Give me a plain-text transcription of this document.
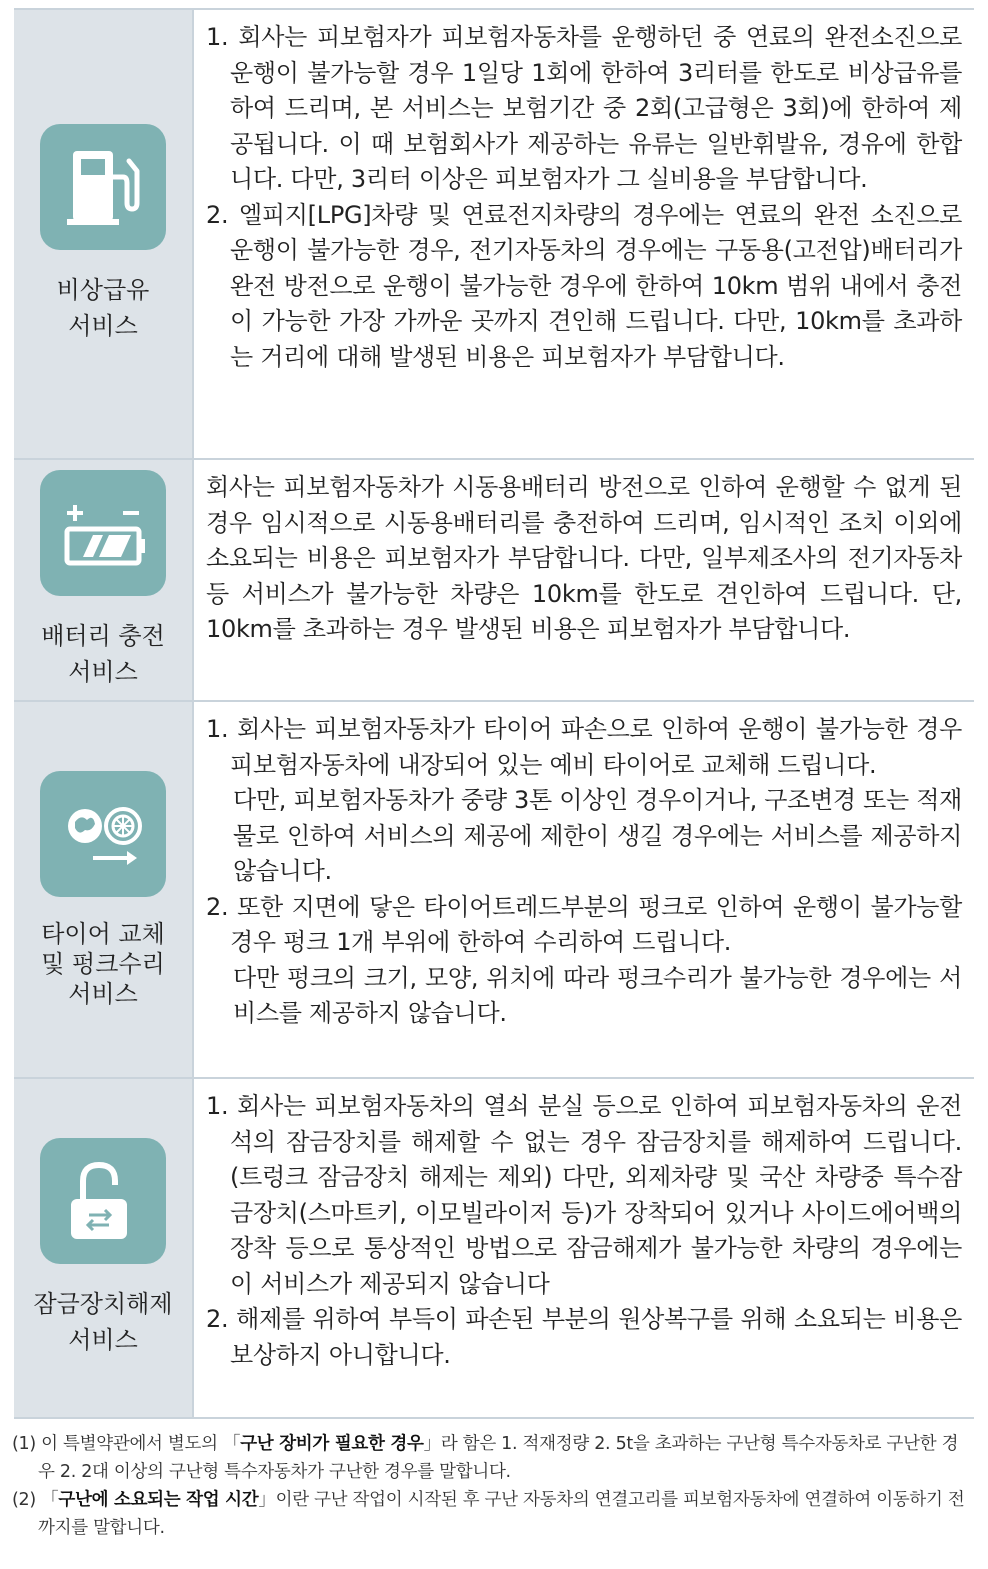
비상급유
서비스
1. 회사는 피보험자가 피보험자동차를 운행하던 중 연료의 완전소진으로 운행이 불가능할 경우 1일당 1회에 한하여 3리터를 한도로 비상급유를 하여 드리며, 본 서비스는 보험기간 중 2회(고급형은 3회)에 한하여 제공됩니다. 이 때 보험회사가 제공하는 유류는 일반휘발유, 경유에 한합니다. 다만, 3리터 이상은 피보험자가 그 실비용을 부담합니다.
2. 엘피지[LPG]차량 및 연료전지차량의 경우에는 연료의 완전 소진으로 운행이 불가능한 경우, 전기자동차의 경우에는 구동용(고전압)배터리가 완전 방전으로 운행이 불가능한 경우에 한하여 10km 범위 내에서 충전이 가능한 가장 가까운 곳까지 견인해 드립니다. 다만, 10km를 초과하는 거리에 대해 발생된 비용은 피보험자가 부담합니다.
배터리 충전
서비스
회사는 피보험자동차가 시동용배터리 방전으로 인하여 운행할 수 없게 된 경우 임시적으로 시동용배터리를 충전하여 드리며, 임시적인 조치 이외에 소요되는 비용은 피보험자가 부담합니다. 다만, 일부제조사의 전기자동차 등 서비스가 불가능한 차량은 10km를 한도로 견인하여 드립니다. 단, 10km를 초과하는 경우 발생된 비용은 피보험자가 부담합니다.
타이어 교체
및 펑크수리
서비스
1. 회사는 피보험자동차가 타이어 파손으로 인하여 운행이 불가능한 경우 피보험자동차에 내장되어 있는 예비 타이어로 교체해 드립니다.
다만, 피보험자동차가 중량 3톤 이상인 경우이거나, 구조변경 또는 적재물로 인하여 서비스의 제공에 제한이 생길 경우에는 서비스를 제공하지 않습니다.
2. 또한 지면에 닿은 타이어트레드부분의 펑크로 인하여 운행이 불가능할 경우 펑크 1개 부위에 한하여 수리하여 드립니다.
다만 펑크의 크기, 모양, 위치에 따라 펑크수리가 불가능한 경우에는 서비스를 제공하지 않습니다.
잠금장치해제
서비스
1. 회사는 피보험자동차의 열쇠 분실 등으로 인하여 피보험자동차의 운전석의 잠금장치를 해제할 수 없는 경우 잠금장치를 해제하여 드립니다. (트렁크 잠금장치 해제는 제외) 다만, 외제차량 및 국산 차량중 특수잠금장치(스마트키, 이모빌라이저 등)가 장착되어 있거나 사이드에어백의 장착 등으로 통상적인 방법으로 잠금해제가 불가능한 차량의 경우에는 이 서비스가 제공되지 않습니다
2. 해제를 위하여 부득이 파손된 부분의 원상복구를 위해 소요되는 비용은 보상하지 아니합니다.
(1) 이 특별약관에서 별도의 「구난 장비가 필요한 경우」라 함은 1. 적재정량 2. 5t을 초과하는 구난형 특수자동차로 구난한 경우 2. 2대 이상의 구난형 특수자동차가 구난한 경우를 말합니다.
(2) 「구난에 소요되는 작업 시간」이란 구난 작업이 시작된 후 구난 자동차의 연결고리를 피보험자동차에 연결하여 이동하기 전까지를 말합니다.
